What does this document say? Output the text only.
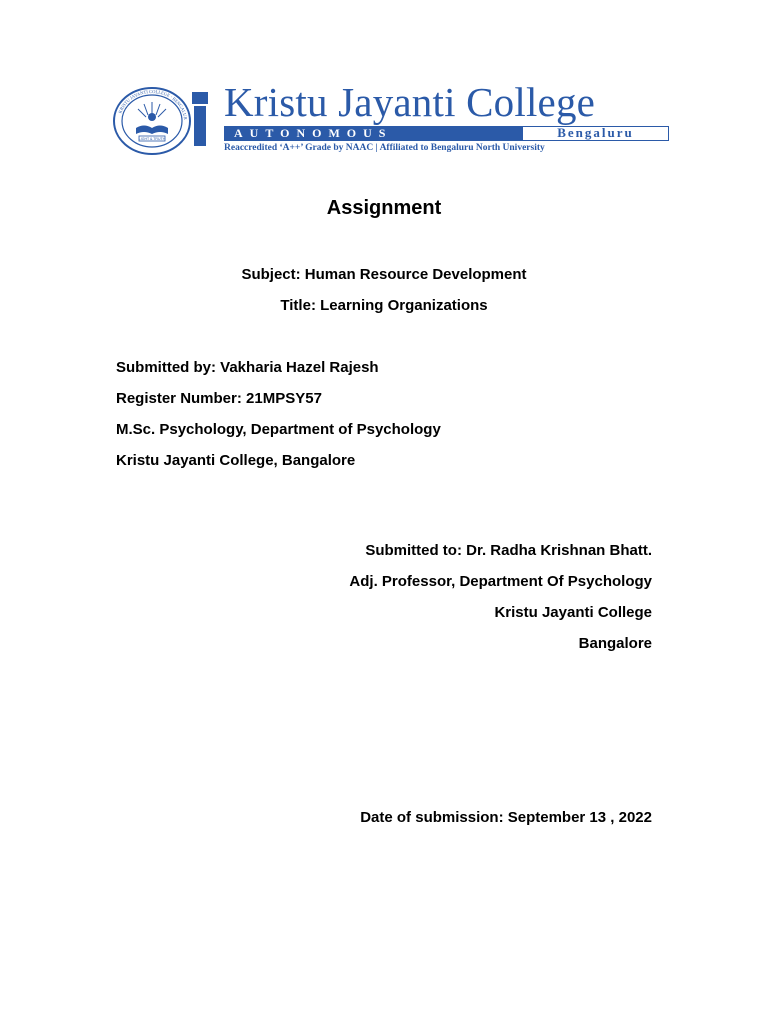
LIGHT & TRUTH
KRISTU JAYANTI COLLEGE · BENGALUR Kristu Jayanti College
AUTONOMOUS	Bengaluru
Reaccredited ‘A++’ Grade by NAAC | Affiliated to Bengaluru North University
Assignment
Subject: Human Resource Development
Title: Learning Organizations
Submitted by: Vakharia Hazel Rajesh
Register Number: 21MPSY57
M.Sc. Psychology, Department of Psychology
Kristu Jayanti College, Bangalore
Submitted to: Dr. Radha Krishnan Bhatt.
Adj. Professor, Department Of Psychology
Kristu Jayanti College
Bangalore
Date of submission: September 13 , 2022
